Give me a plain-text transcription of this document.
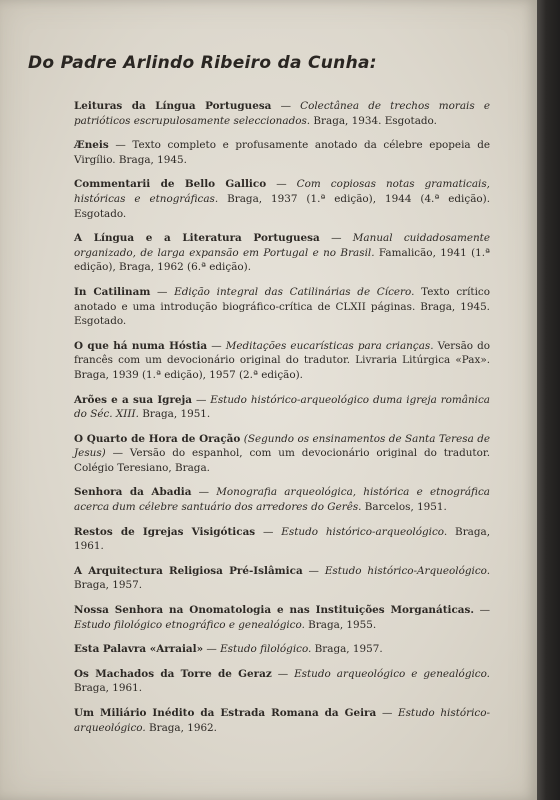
Do Padre Arlindo Ribeiro da Cunha:
Leituras da Língua Portuguesa — Colectânea de trechos morais e patrióticos escrupulosamente seleccionados. Braga, 1934. Esgotado.
Æneis — Texto completo e profusamente anotado da célebre epopeia de Virgílio. Braga, 1945.
Commentarii de Bello Gallico — Com copiosas notas gramaticais, históricas e etnográficas. Braga, 1937 (1.ª edição), 1944 (4.ª edição). Esgotado.
A Língua e a Literatura Portuguesa — Manual cuidadosamente organizado, de larga expansão em Portugal e no Brasil. Famalicão, 1941 (1.ª edição), Braga, 1962 (6.ª edição).
In Catilinam — Edição integral das Catilinárias de Cícero. Texto crítico anotado e uma introdução biográfico-crítica de CLXII páginas. Braga, 1945. Esgotado.
O que há numa Hóstia — Meditações eucarísticas para crianças. Versão do francês com um devocionário original do tradutor. Livraria Litúrgica «Pax». Braga, 1939 (1.ª edição), 1957 (2.ª edição).
Arões e a sua Igreja — Estudo histórico-arqueológico duma igreja românica do Séc. XIII. Braga, 1951.
O Quarto de Hora de Oração (Segundo os ensinamentos de Santa Teresa de Jesus) — Versão do espanhol, com um devocionário original do tradutor. Colégio Teresiano, Braga.
Senhora da Abadia — Monografia arqueológica, histórica e etnográfica acerca dum célebre santuário dos arredores do Gerês. Barcelos, 1951.
Restos de Igrejas Visigóticas — Estudo histórico-arqueológico. Braga, 1961.
A Arquitectura Religiosa Pré-Islâmica — Estudo histórico-Arqueológico. Braga, 1957.
Nossa Senhora na Onomatologia e nas Instituições Morganáticas. — Estudo filológico etnográfico e genealógico. Braga, 1955.
Esta Palavra «Arraial» — Estudo filológico. Braga, 1957.
Os Machados da Torre de Geraz — Estudo arqueológico e genealógico. Braga, 1961.
Um Miliário Inédito da Estrada Romana da Geira — Estudo histórico-arqueológico. Braga, 1962.
